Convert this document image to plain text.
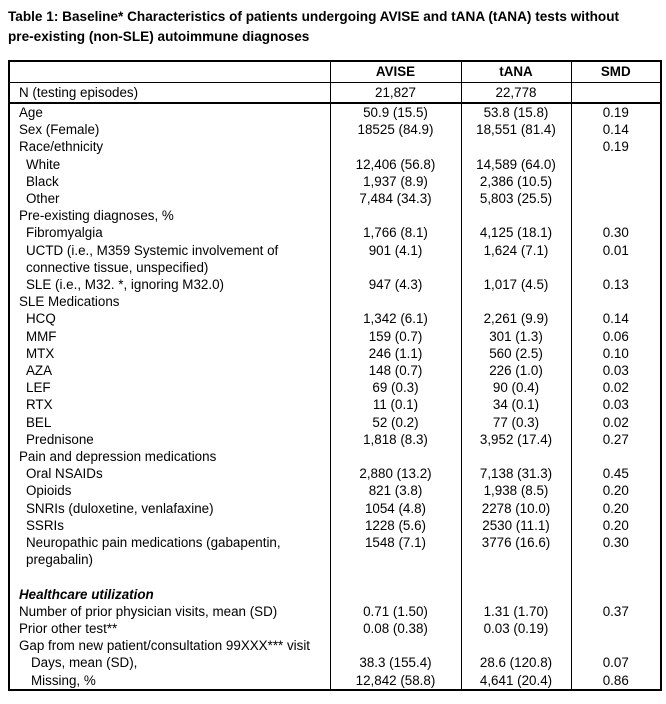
Table 1: Baseline* Characteristics of patients undergoing AVISE and tANA (tANA) tests without
pre-existing (non-SLE) autoimmune diagnoses
	AVISE	tANA	SMD
N (testing episodes)	21,827	22,778	
Age	50.9 (15.5)	53.8 (15.8)	0.19
Sex (Female)	18525 (84.9)	18,551 (81.4)	0.14
Race/ethnicity			0.19
White	12,406 (56.8)	14,589 (64.0)	
Black	1,937 (8.9)	2,386 (10.5)	
Other	7,484 (34.3)	5,803 (25.5)	
Pre-existing diagnoses, %			
Fibromyalgia	1,766 (8.1)	4,125 (18.1)	0.30

UCTD (i.e., M359 Systemic involvement of
connective tissue, unspecified)	901 (4.1)	1,624 (7.1)	0.01
SLE (i.e., M32. *, ignoring M32.0)	947 (4.3)	1,017 (4.5)	0.13
SLE Medications			
HCQ	1,342 (6.1)	2,261 (9.9)	0.14
MMF	159 (0.7)	301 (1.3)	0.06
MTX	246 (1.1)	560 (2.5)	0.10
AZA	148 (0.7)	226 (1.0)	0.03
LEF	69 (0.3)	90 (0.4)	0.02
RTX	11 (0.1)	34 (0.1)	0.03
BEL	52 (0.2)	77 (0.3)	0.02
Prednisone	1,818 (8.3)	3,952 (17.4)	0.27
Pain and depression medications			
Oral NSAIDs	2,880 (13.2)	7,138 (31.3)	0.45
Opioids	821 (3.8)	1,938 (8.5)	0.20
SNRIs (duloxetine, venlafaxine)	1054 (4.8)	2278 (10.0)	0.20
SSRIs	1228 (5.6)	2530 (11.1)	0.20

Neuropathic pain medications (gabapentin,
pregabalin)	1548 (7.1)	3776 (16.6)	0.30

Healthcare utilization			
Number of prior physician visits, mean (SD)	0.71 (1.50)	1.31 (1.70)	0.37
Prior other test**	0.08 (0.38)	0.03 (0.19)	
Gap from new patient/consultation 99XXX*** visit			
Days, mean (SD),	38.3 (155.4)	28.6 (120.8)	0.07
Missing, %	12,842 (58.8)	4,641 (20.4)	0.86
